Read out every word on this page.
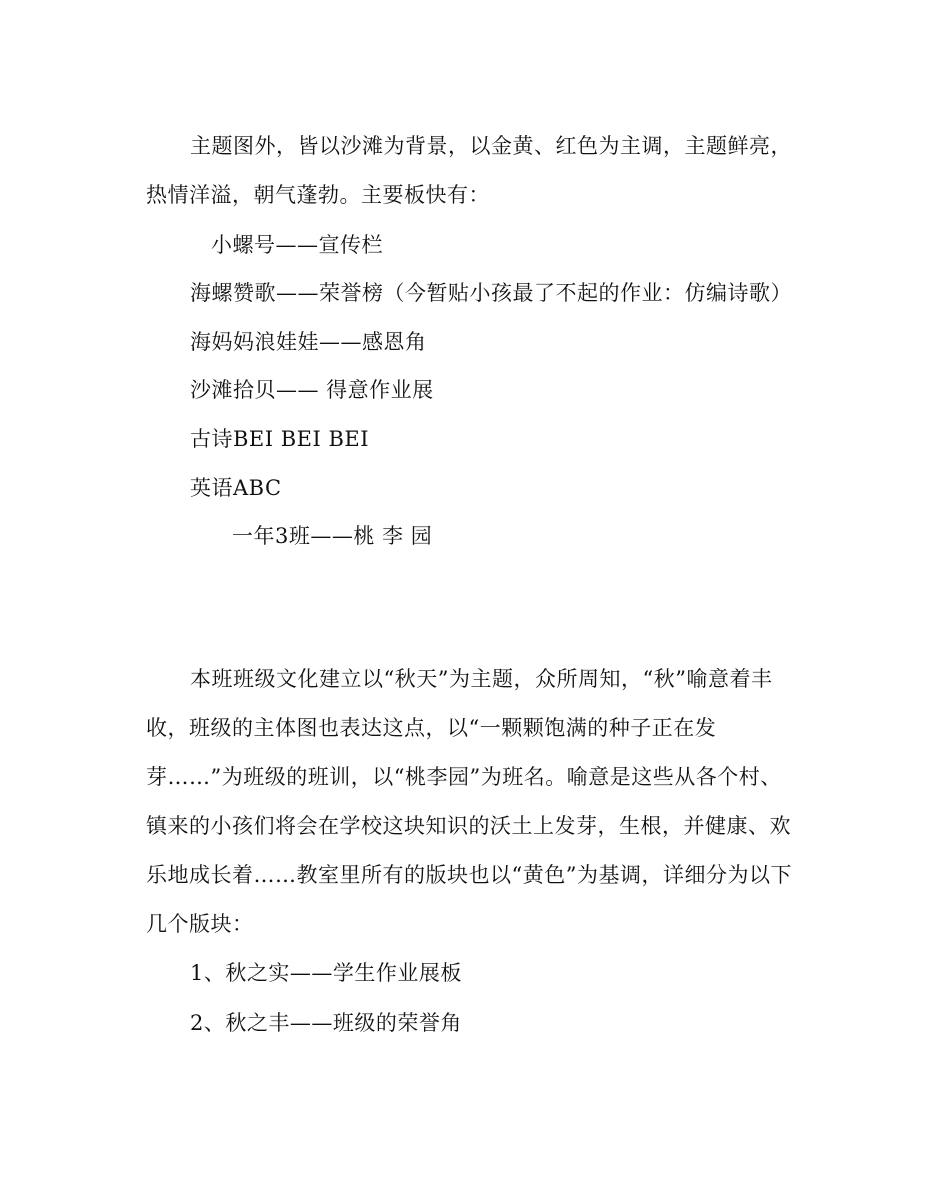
主题图外，皆以沙滩为背景，以金黄、红色为主调，主题鲜亮，
热情洋溢，朝气蓬勃。主要板快有：
小螺号——宣传栏
海螺赞歌——荣誉榜（今暂贴小孩最了不起的作业：仿编诗歌）
海妈妈浪娃娃——感恩角
沙滩拾贝—— 得意作业展
古诗BEI BEI BEI
英语ABC
一年3班——桃 李 园
本班班级文化建立以“秋天”为主题，众所周知，“秋”喻意着丰
收，班级的主体图也表达这点，以“一颗颗饱满的种子正在发
芽……”为班级的班训，以“桃李园”为班名。喻意是这些从各个村、
镇来的小孩们将会在学校这块知识的沃土上发芽，生根，并健康、欢
乐地成长着……教室里所有的版块也以“黄色”为基调，详细分为以下
几个版块：
1、秋之实——学生作业展板
2、秋之丰——班级的荣誉角
